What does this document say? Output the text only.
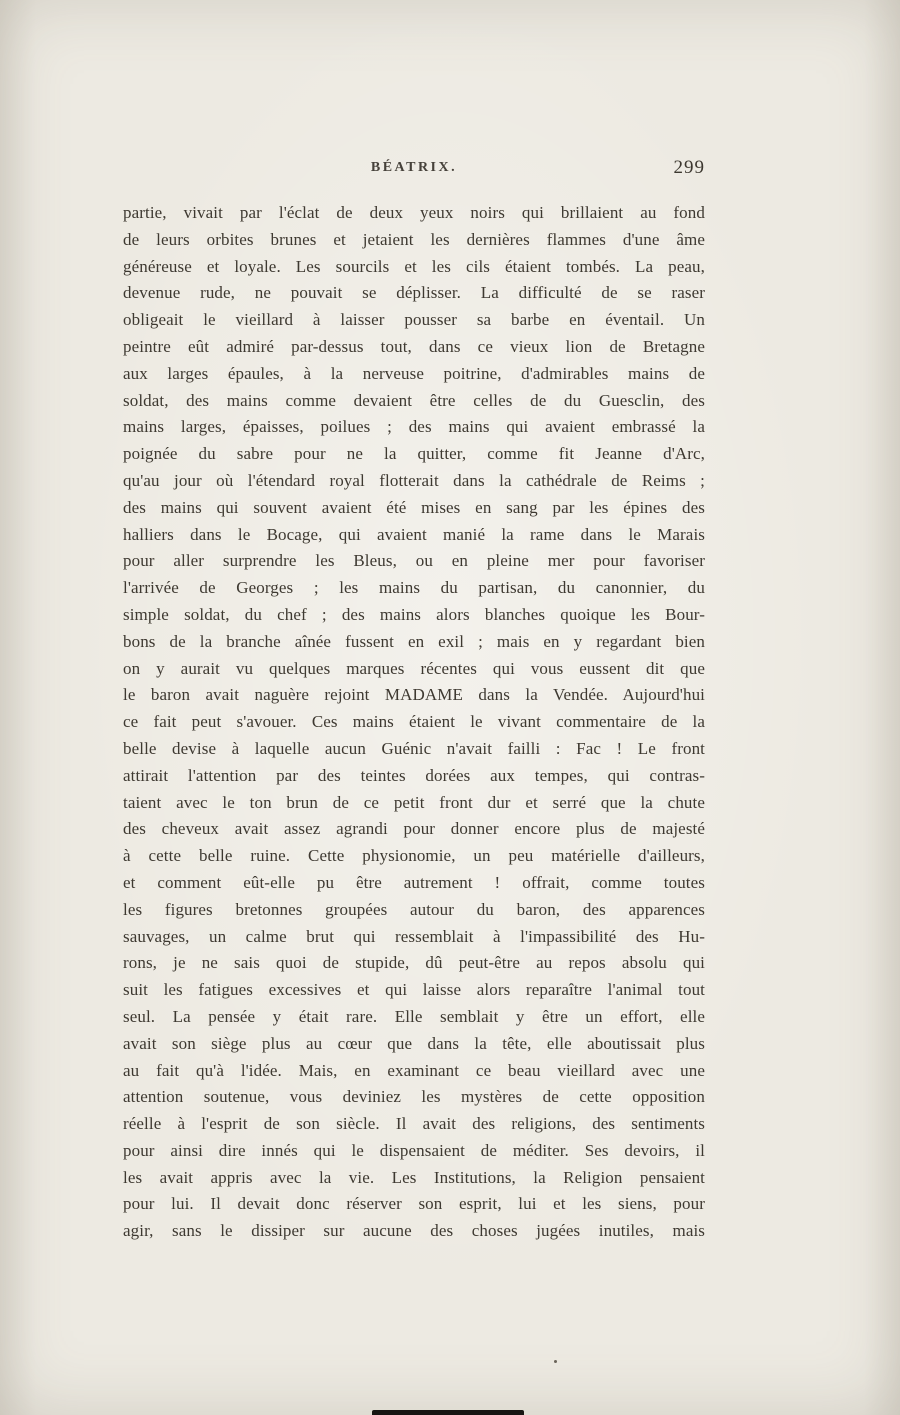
BÉATRIX.	299
partie, vivait par l'éclat de deux yeux noirs qui brillaient au fond
de leurs orbites brunes et jetaient les dernières flammes d'une âme
généreuse et loyale. Les sourcils et les cils étaient tombés. La peau,
devenue rude, ne pouvait se déplisser. La difficulté de se raser
obligeait le vieillard à laisser pousser sa barbe en éventail. Un
peintre eût admiré par-dessus tout, dans ce vieux lion de Bretagne
aux larges épaules, à la nerveuse poitrine, d'admirables mains de
soldat, des mains comme devaient être celles de du Guesclin, des
mains larges, épaisses, poilues ; des mains qui avaient embrassé la
poignée du sabre pour ne la quitter, comme fit Jeanne d'Arc,
qu'au jour où l'étendard royal flotterait dans la cathédrale de Reims ;
des mains qui souvent avaient été mises en sang par les épines des
halliers dans le Bocage, qui avaient manié la rame dans le Marais
pour aller surprendre les Bleus, ou en pleine mer pour favoriser
l'arrivée de Georges ; les mains du partisan, du canonnier, du
simple soldat, du chef ; des mains alors blanches quoique les Bour-
bons de la branche aînée fussent en exil ; mais en y regardant bien
on y aurait vu quelques marques récentes qui vous eussent dit que
le baron avait naguère rejoint MADAME dans la Vendée. Aujourd'hui
ce fait peut s'avouer. Ces mains étaient le vivant commentaire de la
belle devise à laquelle aucun Guénic n'avait failli : Fac ! Le front
attirait l'attention par des teintes dorées aux tempes, qui contras-
taient avec le ton brun de ce petit front dur et serré que la chute
des cheveux avait assez agrandi pour donner encore plus de majesté
à cette belle ruine. Cette physionomie, un peu matérielle d'ailleurs,
et comment eût-elle pu être autrement ! offrait, comme toutes
les figures bretonnes groupées autour du baron, des apparences
sauvages, un calme brut qui ressemblait à l'impassibilité des Hu-
rons, je ne sais quoi de stupide, dû peut-être au repos absolu qui
suit les fatigues excessives et qui laisse alors reparaître l'animal tout
seul. La pensée y était rare. Elle semblait y être un effort, elle
avait son siège plus au cœur que dans la tête, elle aboutissait plus
au fait qu'à l'idée. Mais, en examinant ce beau vieillard avec une
attention soutenue, vous deviniez les mystères de cette opposition
réelle à l'esprit de son siècle. Il avait des religions, des sentiments
pour ainsi dire innés qui le dispensaient de méditer. Ses devoirs, il
les avait appris avec la vie. Les Institutions, la Religion pensaient
pour lui. Il devait donc réserver son esprit, lui et les siens, pour
agir, sans le dissiper sur aucune des choses jugées inutiles, mais
